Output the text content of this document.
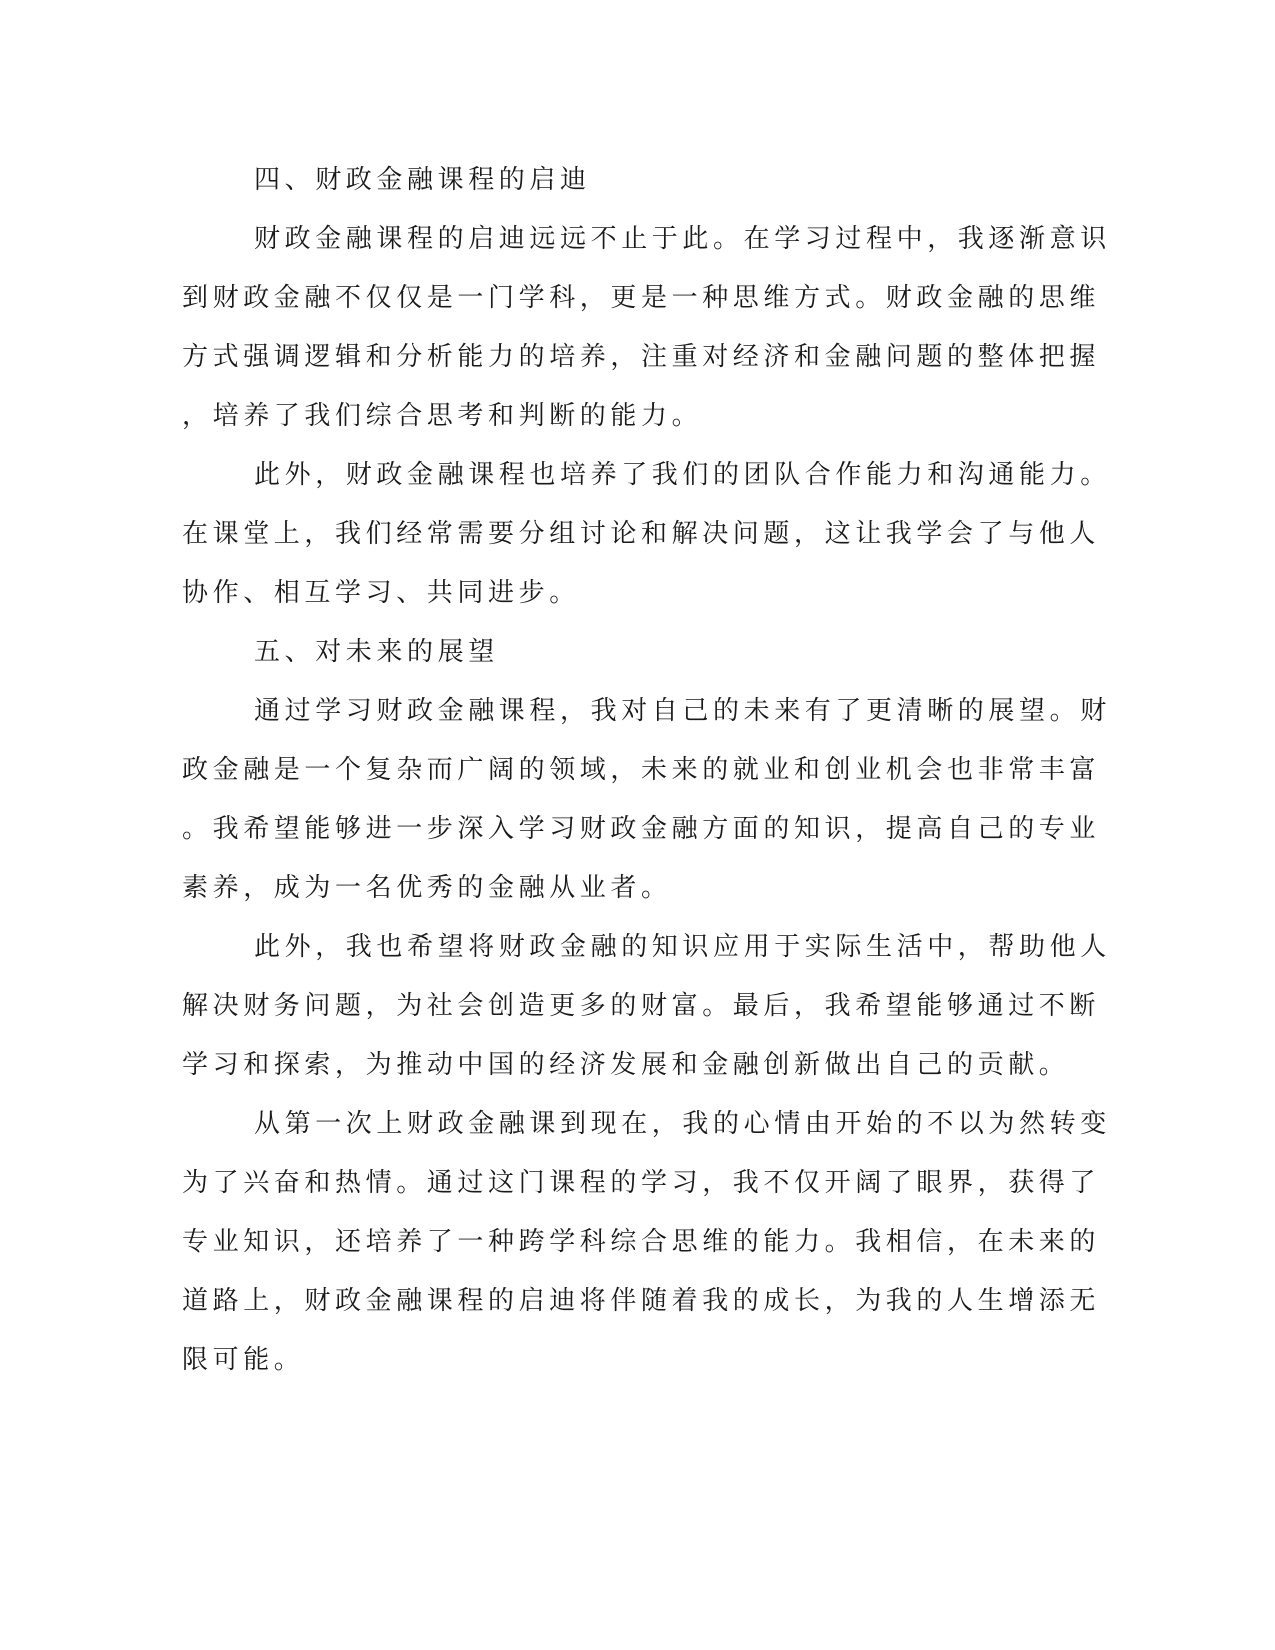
四、财政金融课程的启迪
财政金融课程的启迪远远不止于此。在学习过程中，我逐渐意识
到财政金融不仅仅是一门学科，更是一种思维方式。财政金融的思维
方式强调逻辑和分析能力的培养，注重对经济和金融问题的整体把握
，培养了我们综合思考和判断的能力。
此外，财政金融课程也培养了我们的团队合作能力和沟通能力。
在课堂上，我们经常需要分组讨论和解决问题，这让我学会了与他人
协作、相互学习、共同进步。
五、对未来的展望
通过学习财政金融课程，我对自己的未来有了更清晰的展望。财
政金融是一个复杂而广阔的领域，未来的就业和创业机会也非常丰富
。我希望能够进一步深入学习财政金融方面的知识，提高自己的专业
素养，成为一名优秀的金融从业者。
此外，我也希望将财政金融的知识应用于实际生活中，帮助他人
解决财务问题，为社会创造更多的财富。最后，我希望能够通过不断
学习和探索，为推动中国的经济发展和金融创新做出自己的贡献。
从第一次上财政金融课到现在，我的心情由开始的不以为然转变
为了兴奋和热情。通过这门课程的学习，我不仅开阔了眼界，获得了
专业知识，还培养了一种跨学科综合思维的能力。我相信，在未来的
道路上，财政金融课程的启迪将伴随着我的成长，为我的人生增添无
限可能。
